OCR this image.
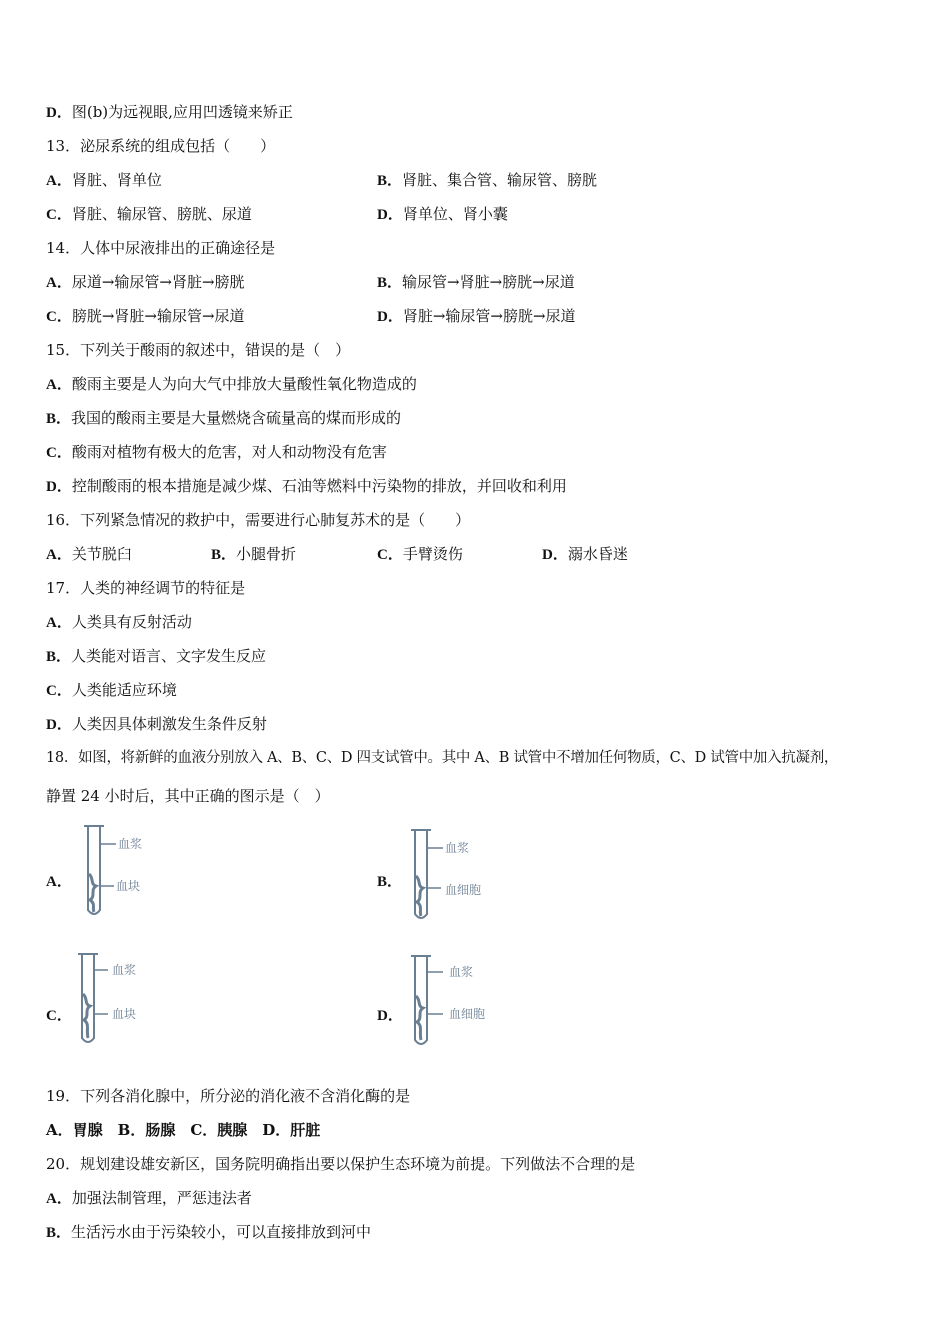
D．图(b)为远视眼,应用凹透镜来矫正
13．泌尿系统的组成包括（　　）
A．肾脏、肾单位	B．肾脏、集合管、输尿管、膀胱
C．肾脏、输尿管、膀胱、尿道	D．肾单位、肾小囊
14．人体中尿液排出的正确途径是
A．尿道→输尿管→肾脏→膀胱	B．输尿管→肾脏→膀胱→尿道
C．膀胱→肾脏→输尿管→尿道	D．肾脏→输尿管→膀胱→尿道
15．下列关于酸雨的叙述中，错误的是（　）
A．酸雨主要是人为向大气中排放大量酸性氧化物造成的
B．我国的酸雨主要是大量燃烧含硫量高的煤而形成的
C．酸雨对植物有极大的危害，对人和动物没有危害
D．控制酸雨的根本措施是减少煤、石油等燃料中污染物的排放，并回收和利用
16．下列紧急情况的救护中，需要进行心肺复苏术的是（　　）
A．关节脱臼	B．小腿骨折	C．手臂烫伤	D．溺水昏迷
17．人类的神经调节的特征是
A．人类具有反射活动
B．人类能对语言、文字发生反应
C．人类能适应环境
D．人类因具体刺激发生条件反射
18．如图，将新鲜的血液分别放入 A、B、C、D 四支试管中。其中 A、B 试管中不增加任何物质，C、D 试管中加入抗凝剂，
静置 24 小时后，其中正确的图示是（　）
A．
血浆
血块	B．
血浆
血细胞
C．
血浆
血块	D．
血浆
血细胞
19．下列各消化腺中，所分泌的消化液不含消化酶的是
A．胃腺　B．肠腺　C．胰腺　D．肝脏
20．规划建设雄安新区，国务院明确指出要以保护生态环境为前提。下列做法不合理的是
A．加强法制管理，严惩违法者
B．生活污水由于污染较小，可以直接排放到河中
